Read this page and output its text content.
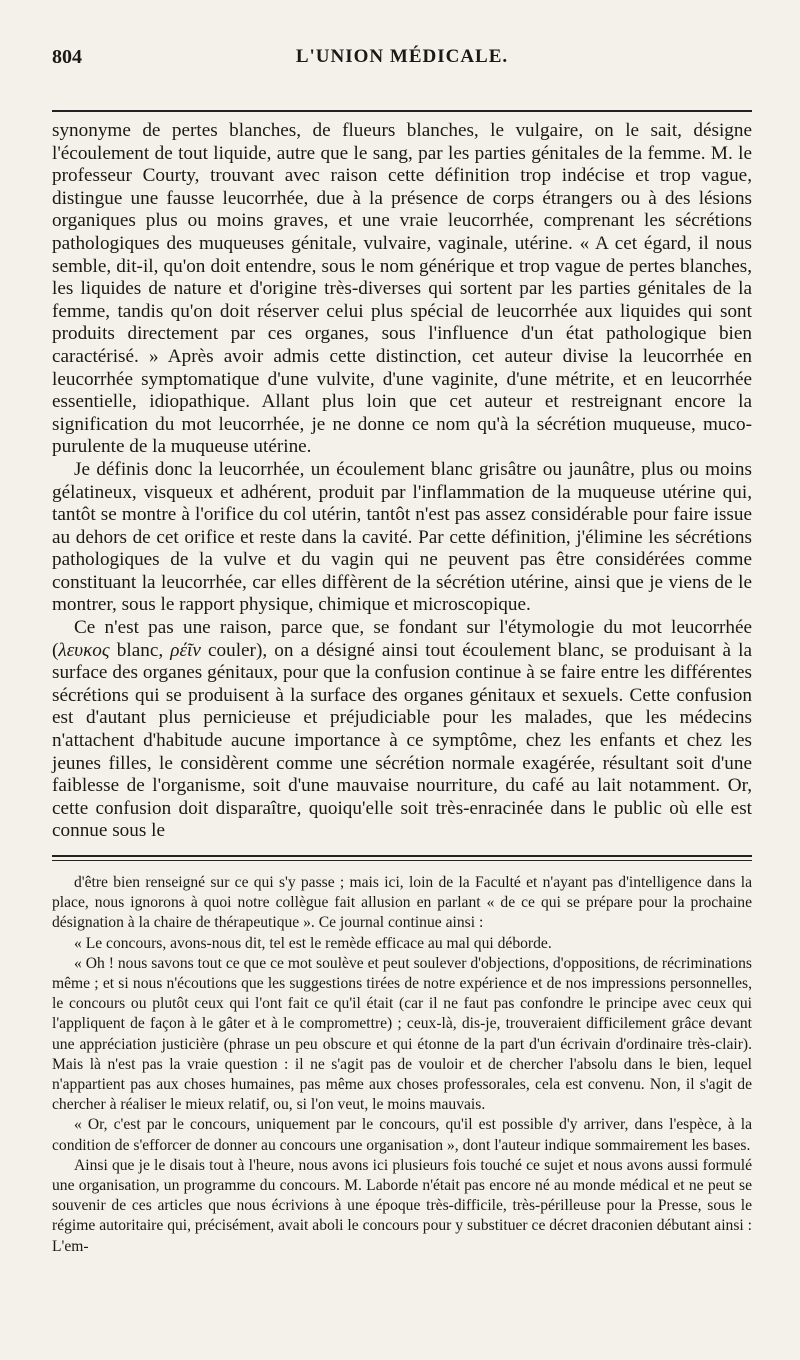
804	L'UNION MÉDICALE.

synonyme de pertes blanches, de flueurs blanches, le vulgaire, on le sait, désigne l'écoulement de tout liquide, autre que le sang, par les parties génitales de la femme. M. le professeur Courty, trouvant avec raison cette définition trop indécise et trop vague, distingue une fausse leucorrhée, due à la présence de corps étrangers ou à des lésions organiques plus ou moins graves, et une vraie leucorrhée, comprenant les sécrétions pathologiques des muqueuses génitale, vulvaire, vaginale, utérine. « A cet égard, il nous semble, dit-il, qu'on doit entendre, sous le nom générique et trop vague de pertes blanches, les liquides de nature et d'origine très-diverses qui sortent par les parties génitales de la femme, tandis qu'on doit réserver celui plus spécial de leucorrhée aux liquides qui sont produits directement par ces organes, sous l'influence d'un état pathologique bien caractérisé. » Après avoir admis cette distinction, cet auteur divise la leucorrhée en leucorrhée symptomatique d'une vulvite, d'une vaginite, d'une métrite, et en leucorrhée essentielle, idiopathique. Allant plus loin que cet auteur et restreignant encore la signification du mot leucorrhée, je ne donne ce nom qu'à la sécrétion muqueuse, muco-purulente de la muqueuse utérine.

Je définis donc la leucorrhée, un écoulement blanc grisâtre ou jaunâtre, plus ou moins gélatineux, visqueux et adhérent, produit par l'inflammation de la muqueuse utérine qui, tantôt se montre à l'orifice du col utérin, tantôt n'est pas assez considérable pour faire issue au dehors de cet orifice et reste dans la cavité. Par cette définition, j'élimine les sécrétions pathologiques de la vulve et du vagin qui ne peuvent pas être considérées comme constituant la leucorrhée, car elles diffèrent de la sécrétion utérine, ainsi que je viens de le montrer, sous le rapport physique, chimique et microscopique.

Ce n'est pas une raison, parce que, se fondant sur l'étymologie du mot leucorrhée (λευκος blanc, ρέῖν couler), on a désigné ainsi tout écoulement blanc, se produisant à la surface des organes génitaux, pour que la confusion continue à se faire entre les différentes sécrétions qui se produisent à la surface des organes génitaux et sexuels. Cette confusion est d'autant plus pernicieuse et préjudiciable pour les malades, que les médecins n'attachent d'habitude aucune importance à ce symptôme, chez les enfants et chez les jeunes filles, le considèrent comme une sécrétion normale exagérée, résultant soit d'une faiblesse de l'organisme, soit d'une mauvaise nourriture, du café au lait notamment. Or, cette confusion doit disparaître, quoiqu'elle soit très-enracinée dans le public où elle est connue sous le

d'être bien renseigné sur ce qui s'y passe ; mais ici, loin de la Faculté et n'ayant pas d'intelligence dans la place, nous ignorons à quoi notre collègue fait allusion en parlant « de ce qui se prépare pour la prochaine désignation à la chaire de thérapeutique ». Ce journal continue ainsi :

« Le concours, avons-nous dit, tel est le remède efficace au mal qui déborde.

« Oh ! nous savons tout ce que ce mot soulève et peut soulever d'objections, d'oppositions, de récriminations même ; et si nous n'écoutions que les suggestions tirées de notre expérience et de nos impressions personnelles, le concours ou plutôt ceux qui l'ont fait ce qu'il était (car il ne faut pas confondre le principe avec ceux qui l'appliquent de façon à le gâter et à le compromettre) ; ceux-là, dis-je, trouveraient difficilement grâce devant une appréciation justicière (phrase un peu obscure et qui étonne de la part d'un écrivain d'ordinaire très-clair). Mais là n'est pas la vraie question : il ne s'agit pas de vouloir et de chercher l'absolu dans le bien, lequel n'appartient pas aux choses humaines, pas même aux choses professorales, cela est convenu. Non, il s'agit de chercher à réaliser le mieux relatif, ou, si l'on veut, le moins mauvais.

« Or, c'est par le concours, uniquement par le concours, qu'il est possible d'y arriver, dans l'espèce, à la condition de s'efforcer de donner au concours une organisation », dont l'auteur indique sommairement les bases.

Ainsi que je le disais tout à l'heure, nous avons ici plusieurs fois touché ce sujet et nous avons aussi formulé une organisation, un programme du concours. M. Laborde n'était pas encore né au monde médical et ne peut se souvenir de ces articles que nous écrivions à une époque très-difficile, très-périlleuse pour la Presse, sous le régime autoritaire qui, précisément, avait aboli le concours pour y substituer ce décret draconien débutant ainsi : L'em-
